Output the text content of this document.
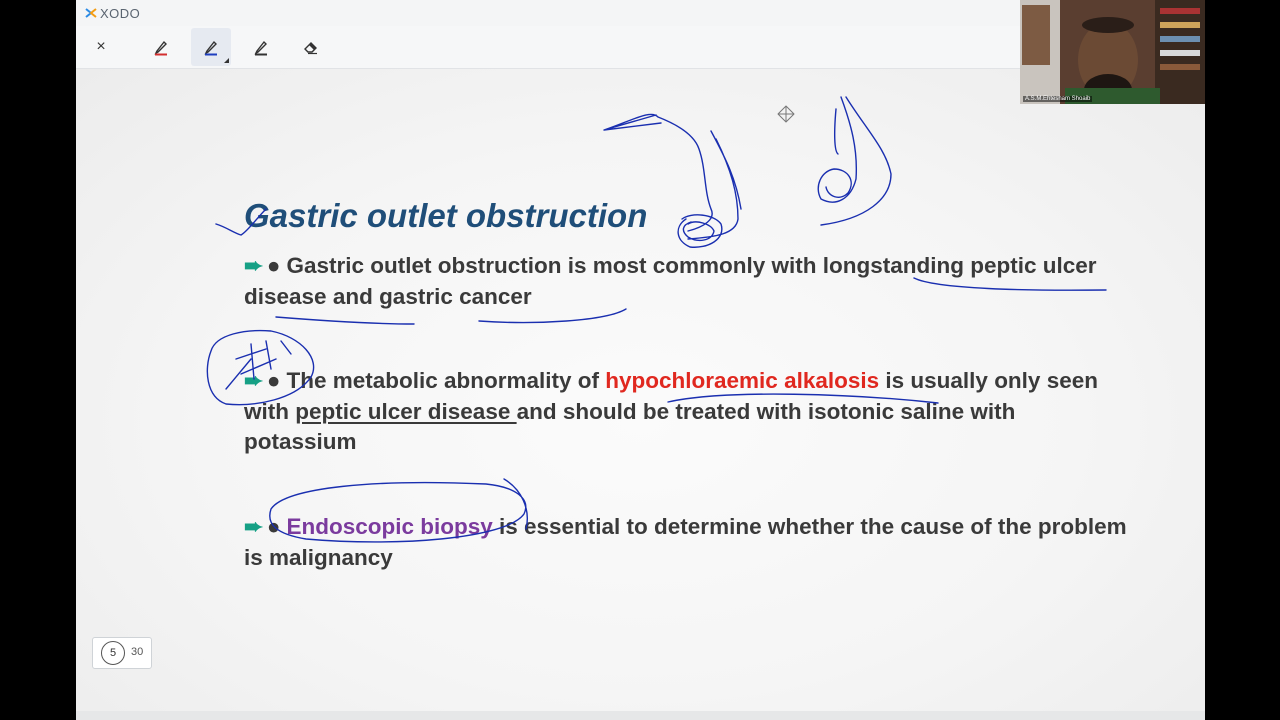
XODO
×
Gastric outlet obstruction
➨ ● Gastric outlet obstruction is most commonly with longstanding peptic ulcer disease and gastric cancer
➨ ● The metabolic abnormality of hypochloraemic alkalosis is usually only seen with peptic ulcer disease and should be treated with isotonic saline with potassium
➨ ● Endoscopic biopsy is essential to determine whether the cause of the problem is malignancy
5	30
A.S.M.Ehtesham Shoaib
